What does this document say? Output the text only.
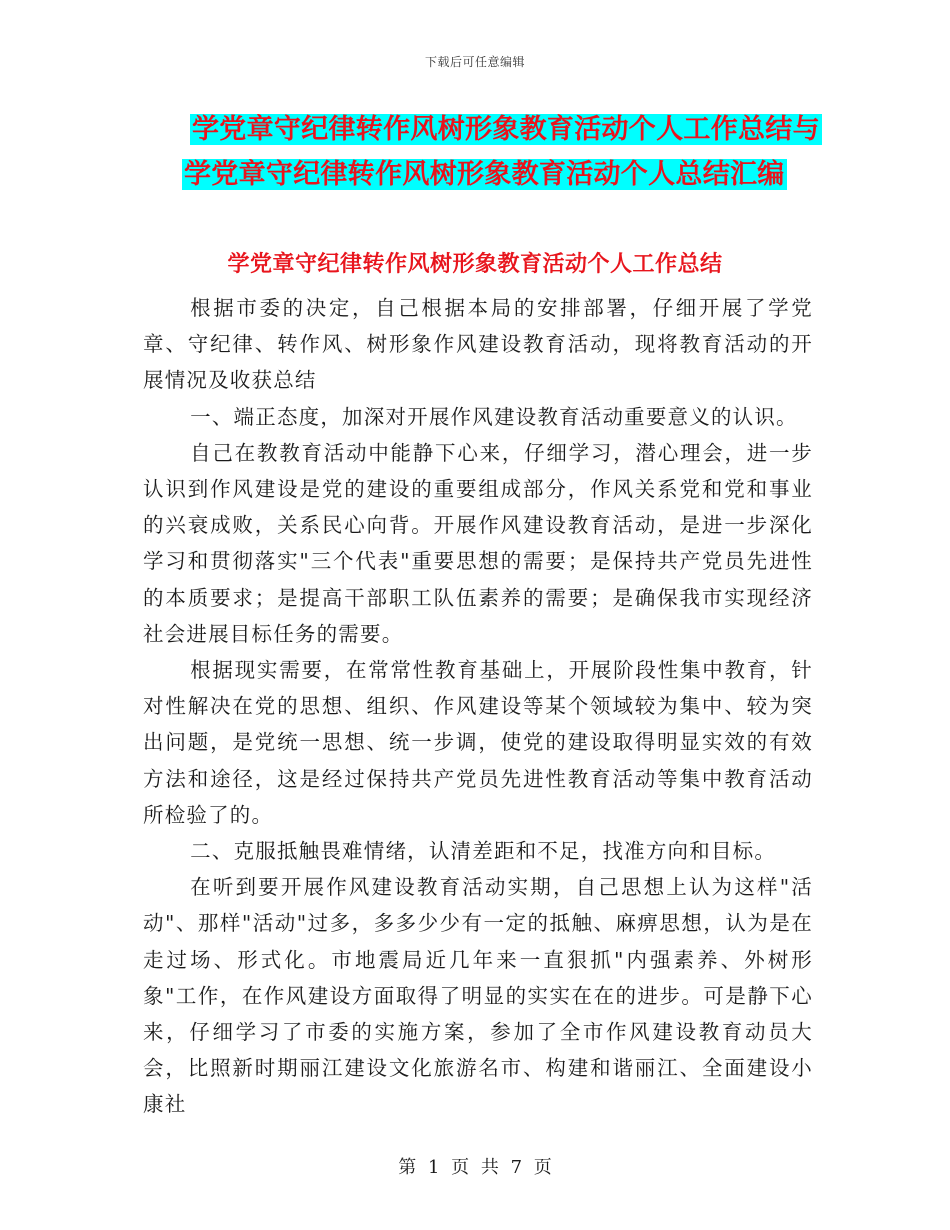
下载后可任意编辑
学党章守纪律转作风树形象教育活动个人工作总结与
学党章守纪律转作风树形象教育活动个人总结汇编
学党章守纪律转作风树形象教育活动个人工作总结

根据市委的决定，自己根据本局的安排部署，仔细开展了学党章、守纪律、转作风、树形象作风建设教育活动，现将教育活动的开展情况及收获总结

一、端正态度，加深对开展作风建设教育活动重要意义的认识。

自己在教教育活动中能静下心来，仔细学习，潜心理会，进一步认识到作风建设是党的建设的重要组成部分，作风关系党和党和事业的兴衰成败，关系民心向背。开展作风建设教育活动，是进一步深化学习和贯彻落实"三个代表"重要思想的需要；是保持共产党员先进性的本质要求；是提高干部职工队伍素养的需要；是确保我市实现经济社会进展目标任务的需要。

根据现实需要，在常常性教育基础上，开展阶段性集中教育，针对性解决在党的思想、组织、作风建设等某个领域较为集中、较为突出问题，是党统一思想、统一步调，使党的建设取得明显实效的有效方法和途径，这是经过保持共产党员先进性教育活动等集中教育活动所检验了的。

二、克服抵触畏难情绪，认清差距和不足，找准方向和目标。

在听到要开展作风建设教育活动实期，自己思想上认为这样"活动"、那样"活动"过多，多多少少有一定的抵触、麻痹思想，认为是在走过场、形式化。市地震局近几年来一直狠抓"内强素养、外树形象"工作，在作风建设方面取得了明显的实实在在的进步。可是静下心来，仔细学习了市委的实施方案，参加了全市作风建设教育动员大会，比照新时期丽江建设文化旅游名市、构建和谐丽江、全面建设小康社

第 1 页 共 7 页
